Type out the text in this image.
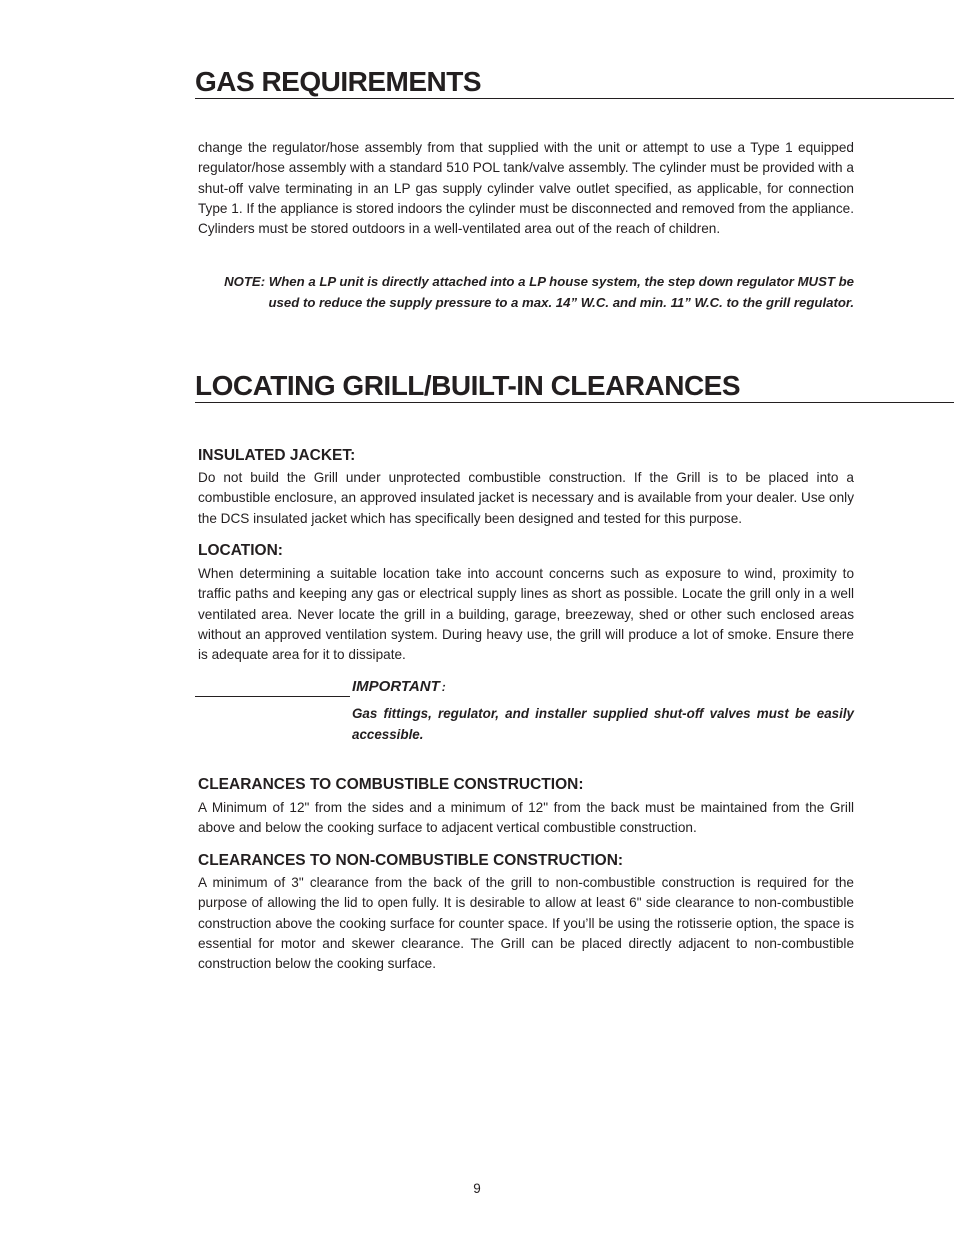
GAS REQUIREMENTS

change the regulator/hose assembly from that supplied with the unit or attempt to use a Type 1 equipped regulator/hose assembly with a standard 510 POL tank/valve assembly. The cylinder must be provided with a shut-off valve terminating in an LP gas supply cylinder valve outlet specified, as applicable, for connection Type 1. If the appliance is stored indoors the cylinder must be disconnected and removed from the appliance. Cylinders must be stored outdoors in a well-ventilated area out of the reach of children.

NOTE: When a LP unit is directly attached into a LP house system, the step down regulator MUST be
used to reduce the supply pressure to a max. 14” W.C. and min. 11” W.C. to the grill regulator.

LOCATING GRILL/BUILT-IN CLEARANCES
INSULATED JACKET:

Do not build the Grill under unprotected combustible construction. If the Grill is to be placed into a combustible enclosure, an approved insulated jacket is necessary and is available from your dealer. Use only the DCS insulated jacket which has specifically been designed and tested for this purpose.

LOCATION:

When determining a suitable location take into account concerns such as exposure to wind, proximity to traffic paths and keeping any gas or electrical supply lines as short as possible. Locate the grill only in a well ventilated area. Never locate the grill in a building, garage, breezeway, shed or other such enclosed areas without an approved ventilation system. During heavy use, the grill will produce a lot of smoke. Ensure there is adequate area for it to dissipate.

IMPORTANT :

Gas fittings, regulator, and installer supplied shut-off valves must be easily accessible.

CLEARANCES TO COMBUSTIBLE CONSTRUCTION:

A Minimum of 12" from the sides and a minimum of 12" from the back must be maintained from the Grill above and below the cooking surface to adjacent vertical combustible construction.

CLEARANCES TO NON-COMBUSTIBLE CONSTRUCTION:

A minimum of 3" clearance from the back of the grill to non-combustible construction is required for the purpose of allowing the lid to open fully. It is desirable to allow at least 6" side clearance to non-combustible construction above the cooking surface for counter space. If you’ll be using the rotisserie option, the space is essential for motor and skewer clearance. The Grill can be placed directly adjacent to non-combustible construction below the cooking surface.

9
